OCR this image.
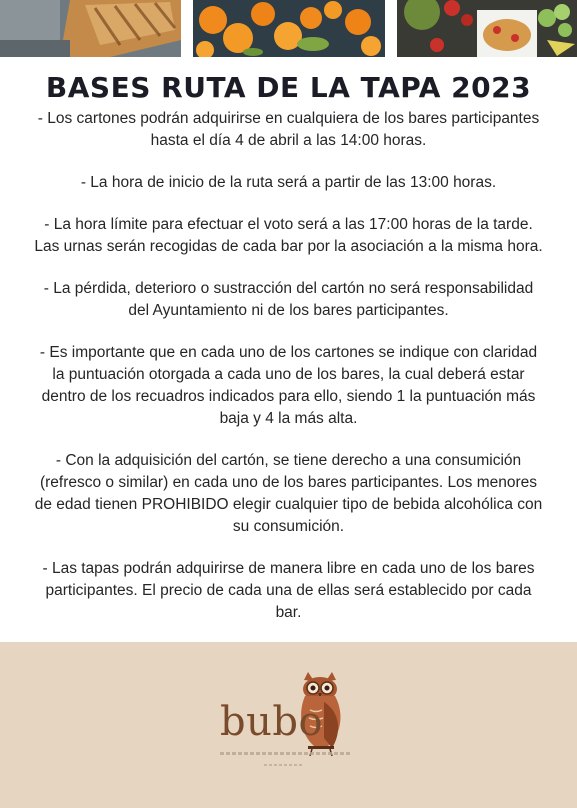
BASES RUTA DE LA TAPA 2023
- Los cartones podrán adquirirse en cualquiera de los bares participantes
hasta el día 4 de abril a las 14:00 horas.
- La hora de inicio de la ruta será a partir de las 13:00 horas.
- La hora límite para efectuar el voto será a las 17:00 horas de la tarde.
Las urnas serán recogidas de cada bar por la asociación a la misma hora.
- La pérdida, deterioro o sustracción del cartón no será responsabilidad
del Ayuntamiento ni de los bares participantes.
- Es importante que en cada uno de los cartones se indique con claridad
la puntuación otorgada a cada uno de los bares, la cual deberá estar
dentro de los recuadros indicados para ello, siendo 1 la puntuación más
baja y 4 la más alta.
- Con la adquisición del cartón, se tiene derecho a una consumición
(refresco o similar) en cada uno de los bares participantes. Los menores
de edad tienen PROHIBIDO elegir cualquier tipo de bebida alcohólica con
su consumición.
- Las tapas podrán adquirirse de manera libre en cada uno de los bares
participantes. El precio de cada una de ellas será establecido por cada
bar.
bubo
